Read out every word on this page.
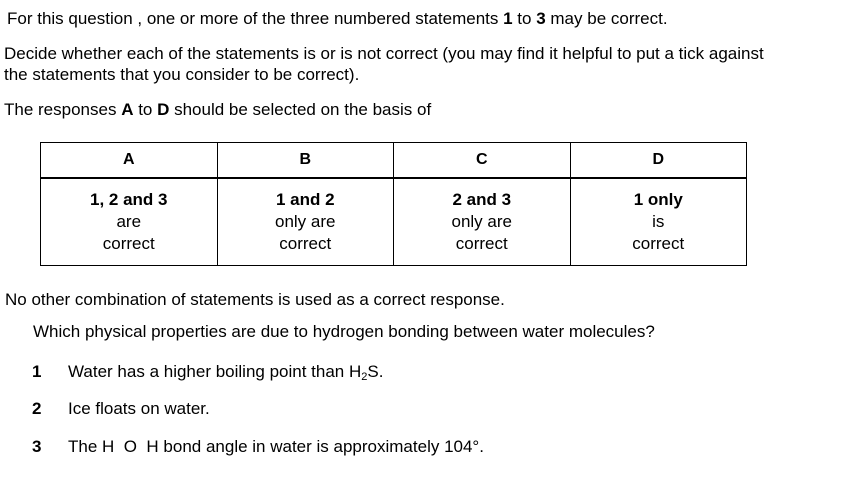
For this question , one or more of the three numbered statements 1 to 3 may be correct.
Decide whether each of the statements is or is not correct (you may find it helpful to put a tick against
the statements that you consider to be correct).
The responses A to D should be selected on the basis of
A	B	C	D
1, 2 and 3
are
correct	1 and 2
only are
correct	2 and 3
only are
correct	1 only
is
correct
No other combination of statements is used as a correct response.
Which physical properties are due to hydrogen bonding between water molecules?
1 Water has a higher boiling point than $H_2S$.
2 Ice floats on water.
3 The H  O  H bond angle in water is approximately 104°.
